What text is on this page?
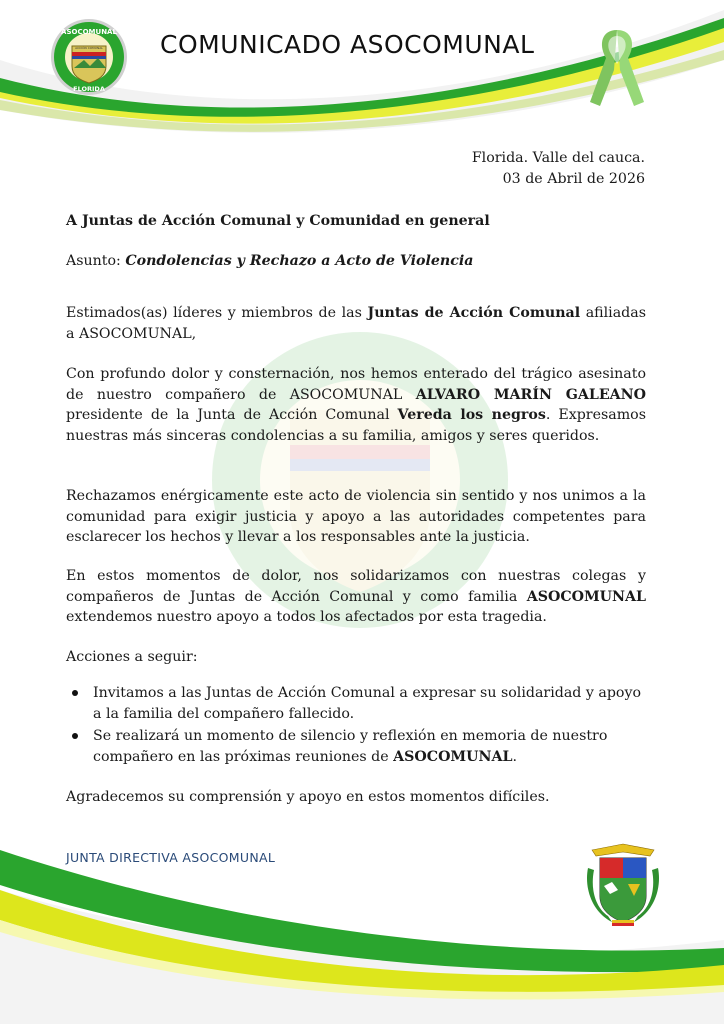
ASOCOMUNAL
ACCIÓN COMUNAL
FLORIDA
COMUNICADO ASOCOMUNAL
Florida. Valle del cauca.
03 de Abril de 2026
A Juntas de Acción Comunal y Comunidad en general
Asunto: Condolencias y Rechazo a Acto de Violencia
Estimados(as) líderes y miembros de las Juntas de Acción Comunal afiliadas a ASOCOMUNAL,
Con profundo dolor y consternación, nos hemos enterado del trágico asesinato de nuestro compañero de ASOCOMUNAL ALVARO MARÍN GALEANO presidente de la Junta de Acción Comunal Vereda los negros. Expresamos nuestras más sinceras condolencias a su familia, amigos y seres queridos.
Rechazamos enérgicamente este acto de violencia sin sentido y nos unimos a la comunidad para exigir justicia y apoyo a las autoridades competentes para esclarecer los hechos y llevar a los responsables ante la justicia.
En estos momentos de dolor, nos solidarizamos con nuestras colegas y compañeros de Juntas de Acción Comunal y como familia ASOCOMUNAL extendemos nuestro apoyo a todos los afectados por esta tragedia.
Acciones a seguir:
Invitamos a las Juntas de Acción Comunal a expresar su solidaridad y apoyo a la familia del compañero fallecido.
Se realizará un momento de silencio y reflexión en memoria de nuestro compañero en las próximas reuniones de ASOCOMUNAL.
Agradecemos su comprensión y apoyo en estos momentos difíciles.
JUNTA DIRECTIVA ASOCOMUNAL
